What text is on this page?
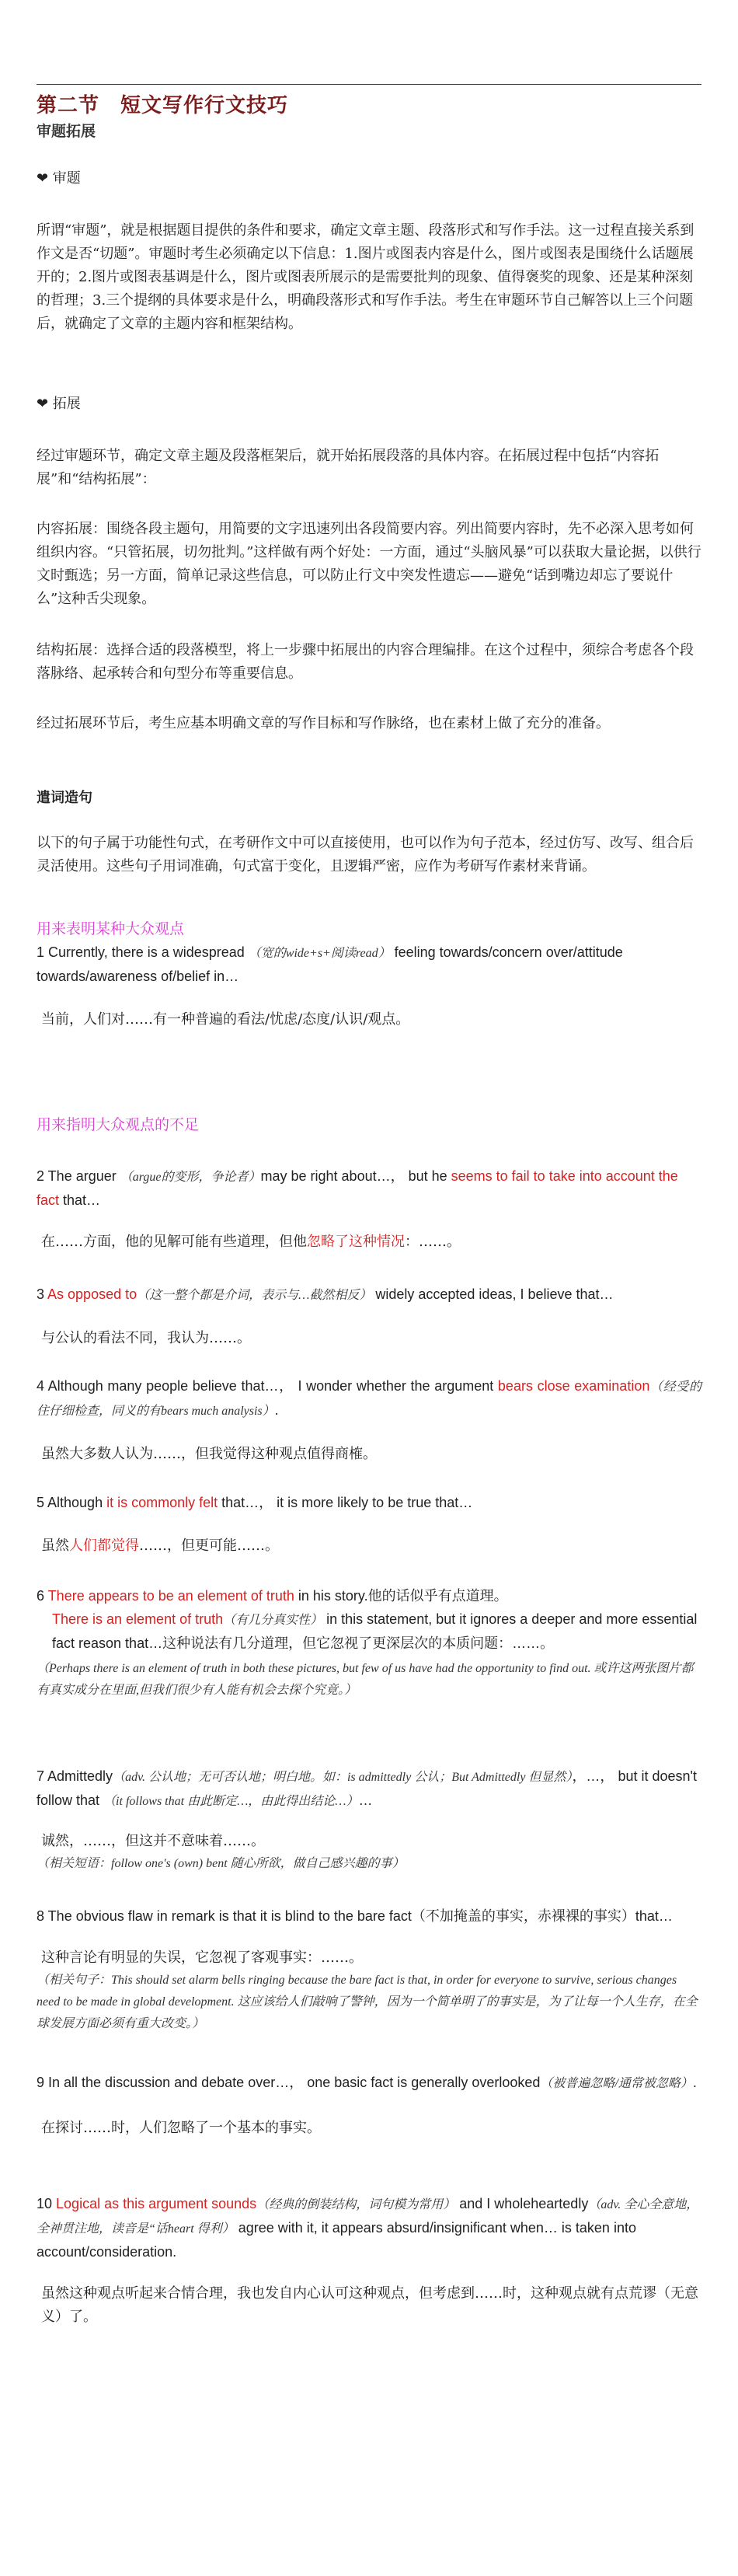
第二节　短文写作行文技巧
审题拓展
❤ 审题

所谓“审题”，就是根据题目提供的条件和要求，确定文章主题、段落形式和写作手法。这一过程直接关系到作文是否“切题”。审题时考生必须确定以下信息：1.图片或图表内容是什么，图片或图表是围绕什么话题展开的；2.图片或图表基调是什么，图片或图表所展示的是需要批判的现象、值得褒奖的现象、还是某种深刻的哲理；3.三个提纲的具体要求是什么，明确段落形式和写作手法。考生在审题环节自己解答以上三个问题后，就确定了文章的主题内容和框架结构。

❤ 拓展

经过审题环节，确定文章主题及段落框架后，就开始拓展段落的具体内容。在拓展过程中包括“内容拓展”和“结构拓展”：

内容拓展：围绕各段主题句，用简要的文字迅速列出各段简要内容。列出简要内容时，先不必深入思考如何组织内容。“只管拓展，切勿批判。”这样做有两个好处：一方面，通过“头脑风暴”可以获取大量论据，以供行文时甄选；另一方面，简单记录这些信息，可以防止行文中突发性遗忘——避免“话到嘴边却忘了要说什么”这种舌尖现象。

结构拓展：选择合适的段落模型，将上一步骤中拓展出的内容合理编排。在这个过程中，须综合考虑各个段落脉络、起承转合和句型分布等重要信息。

经过拓展环节后，考生应基本明确文章的写作目标和写作脉络，也在素材上做了充分的准备。

遣词造句

以下的句子属于功能性句式，在考研作文中可以直接使用，也可以作为句子范本，经过仿写、改写、组合后灵活使用。这些句子用词准确，句式富于变化，且逻辑严密，应作为考研写作素材来背诵。

用来表明某种大众观点

1 Currently, there is a widespread （宽的wide+s+阅读read） feeling towards/concern over/attitude towards/awareness of/belief in…

当前，人们对……有一种普遍的看法/忧虑/态度/认识/观点。

用来指明大众观点的不足

2 The arguer （argue的变形，争论者）may be right about…， but he seems to fail to take into account the fact that…

在……方面，他的见解可能有些道理，但他忽略了这种情况：……。

3 As opposed to（这一整个都是介词，表示与…截然相反） widely accepted ideas, I believe that…

与公认的看法不同，我认为……。

4 Although many people believe that…， I wonder whether the argument bears close examination（经受的住仔细检查，同义的有bears much analysis）.

虽然大多数人认为……，但我觉得这种观点值得商榷。

5 Although it is commonly felt that…， it is more likely to be true that…

虽然人们都觉得……，但更可能……。

6 There appears to be an element of truth in his story.他的话似乎有点道理。

There is an element of truth（有几分真实性） in this statement, but it ignores a deeper and more essential fact reason that…这种说法有几分道理，但它忽视了更深层次的本质问题：……。

（Perhaps there is an element of truth in both these pictures, but few of us have had the opportunity to find out. 或许这两张图片都有真实成分在里面,但我们很少有人能有机会去探个究竟。）

7 Admittedly（adv. 公认地；无可否认地；明白地。如：is admittedly 公认；But Admittedly 但显然），…， but it doesn't follow that （it follows that 由此断定…，由此得出结论…）…

诚然，……，但这并不意味着……。

（相关短语：follow one's (own) bent 随心所欲，做自己感兴趣的事）

8 The obvious flaw in remark is that it is blind to the bare fact（不加掩盖的事实，赤裸裸的事实）that…

这种言论有明显的失误，它忽视了客观事实：……。

（相关句子：This should set alarm bells ringing because the bare fact is that, in order for everyone to survive, serious changes need to be made in global development. 这应该给人们敲响了警钟，因为一个简单明了的事实是，为了让每一个人生存，在全球发展方面必须有重大改变。）

9 In all the discussion and debate over…， one basic fact is generally overlooked（被普遍忽略/通常被忽略）.

在探讨……时，人们忽略了一个基本的事实。

10 Logical as this argument sounds（经典的倒装结构，词句模为常用） and I wholeheartedly（adv. 全心全意地，全神贯注地，读音是“话heart 得利） agree with it, it appears absurd/insignificant when… is taken into account/consideration.

虽然这种观点听起来合情合理，我也发自内心认可这种观点，但考虑到……时，这种观点就有点荒谬（无意义）了。
